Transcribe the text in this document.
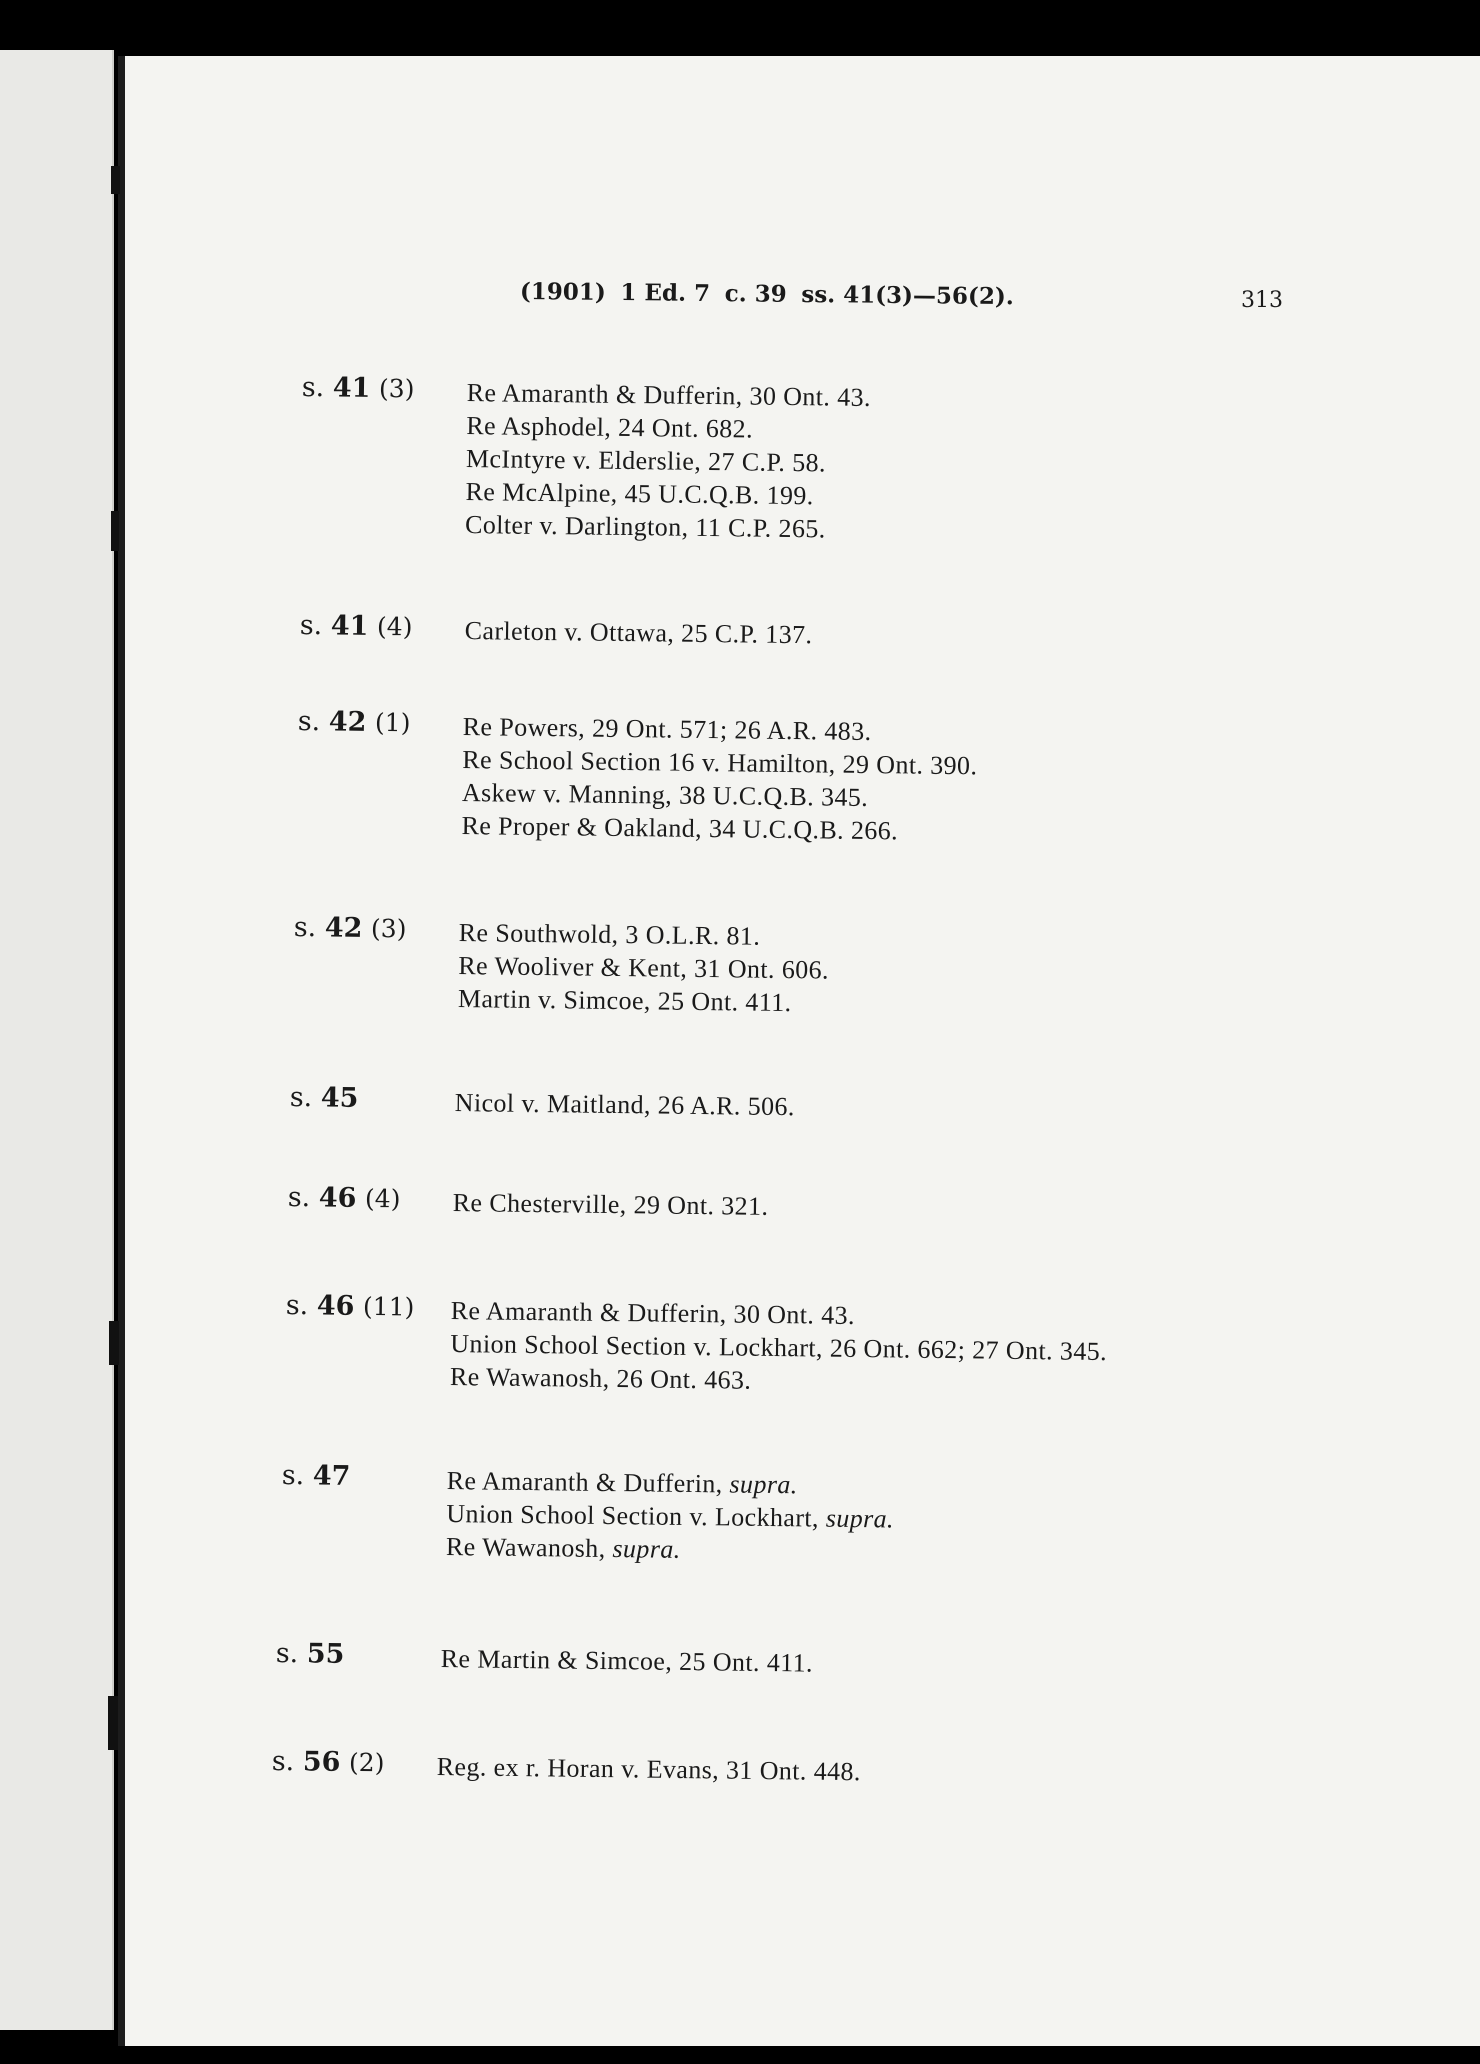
(1901) 1 Ed. 7 c. 39 ss. 41(3)—56(2).	313
s. 41 (3) Re Amaranth & Dufferin, 30 Ont. 43.
Re Asphodel, 24 Ont. 682.
McIntyre v. Elderslie, 27 C.P. 58.
Re McAlpine, 45 U.C.Q.B. 199.
Colter v. Darlington, 11 C.P. 265.
s. 41 (4) Carleton v. Ottawa, 25 C.P. 137.
s. 42 (1) Re Powers, 29 Ont. 571; 26 A.R. 483.
Re School Section 16 v. Hamilton, 29 Ont. 390.
Askew v. Manning, 38 U.C.Q.B. 345.
Re Proper & Oakland, 34 U.C.Q.B. 266.
s. 42 (3) Re Southwold, 3 O.L.R. 81.
Re Wooliver & Kent, 31 Ont. 606.
Martin v. Simcoe, 25 Ont. 411.
s. 45	Nicol v. Maitland, 26 A.R. 506.
s. 46 (4) Re Chesterville, 29 Ont. 321.
s. 46 (11) Re Amaranth & Dufferin, 30 Ont. 43.
Union School Section v. Lockhart, 26 Ont. 662; 27 Ont. 345.
Re Wawanosh, 26 Ont. 463.
s. 47	Re Amaranth & Dufferin, supra.
Union School Section v. Lockhart, supra.
Re Wawanosh, supra.
s. 55	Re Martin & Simcoe, 25 Ont. 411.
s. 56 (2) Reg. ex r. Horan v. Evans, 31 Ont. 448.
